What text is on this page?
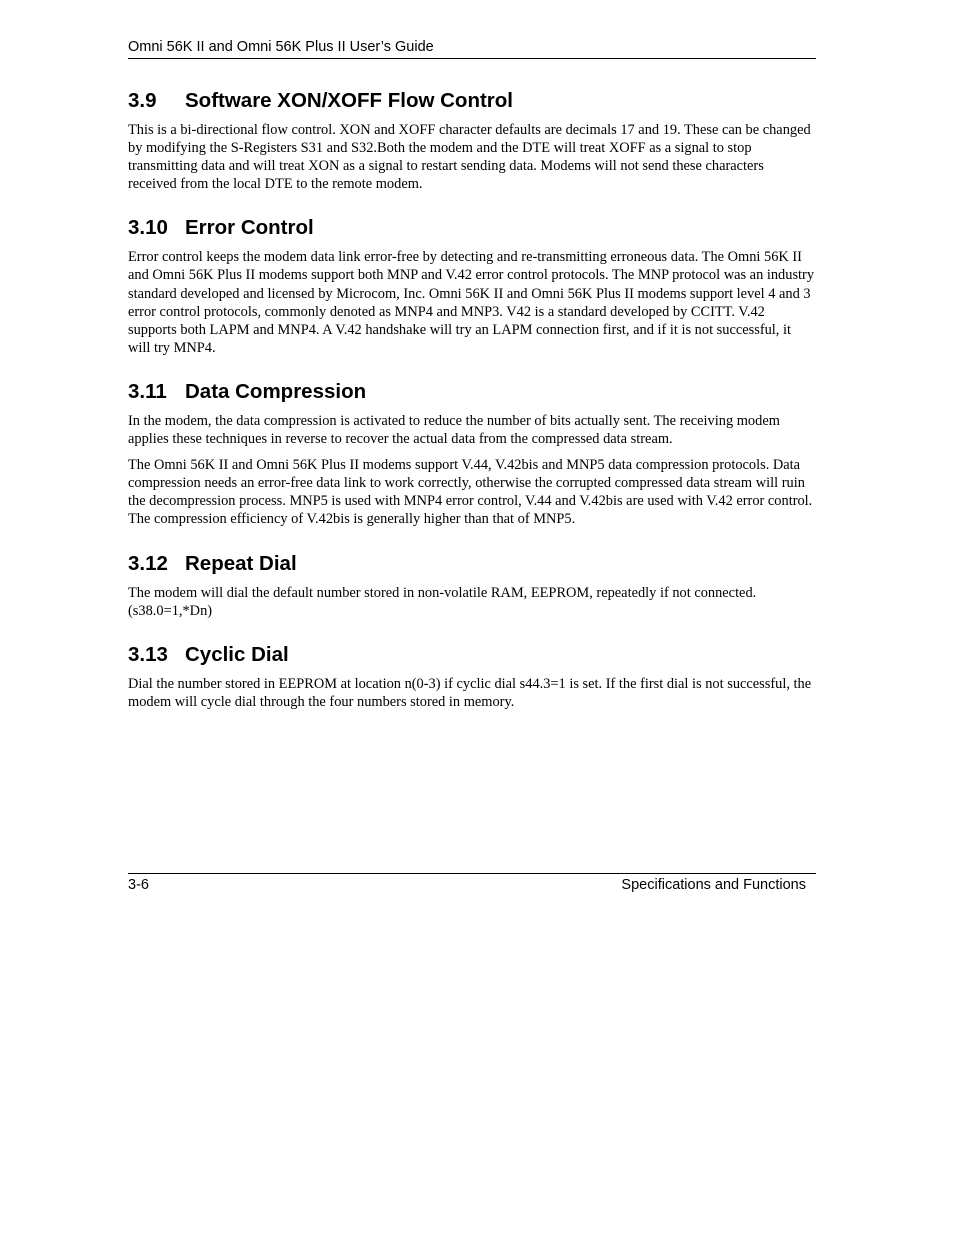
Omni 56K II and Omni 56K Plus II User’s Guide
3.9 Software XON/XOFF Flow Control

This is a bi-directional flow control. XON and XOFF character defaults are decimals 17 and 19. These can be changed by modifying the S-Registers S31 and S32.Both the modem and the DTE will treat XOFF as a signal to stop transmitting data and will treat XON as a signal to restart sending data. Modems will not send these characters received from the local DTE to the remote modem.

3.10 Error Control

Error control keeps the modem data link error-free by detecting and re-transmitting erroneous data. The Omni 56K II and Omni 56K Plus II modems support both MNP and V.42 error control protocols. The MNP protocol was an industry standard developed and licensed by Microcom, Inc. Omni 56K II and Omni 56K Plus II modems support level 4 and 3 error control protocols, commonly denoted as MNP4 and MNP3. V42 is a standard developed by CCITT. V.42 supports both LAPM and MNP4. A V.42 handshake will try an LAPM connection first, and if it is not successful, it will try MNP4.

3.11 Data Compression

In the modem, the data compression is activated to reduce the number of bits actually sent. The receiving modem applies these techniques in reverse to recover the actual data from the compressed data stream.

The Omni 56K II and Omni 56K Plus II modems support V.44, V.42bis and MNP5 data compression protocols. Data compression needs an error-free data link to work correctly, otherwise the corrupted compressed data stream will ruin the decompression process. MNP5 is used with MNP4 error control, V.44 and V.42bis are used with V.42 error control. The compression efficiency of V.42bis is generally higher than that of MNP5.

3.12 Repeat Dial

The modem will dial the default number stored in non-volatile RAM, EEPROM, repeatedly if not connected. (s38.0=1,*Dn)

3.13 Cyclic Dial

Dial the number stored in EEPROM at location n(0-3) if cyclic dial s44.3=1 is set. If the first dial is not successful, the modem will cycle dial through the four numbers stored in memory.

3-6	Specifications and Functions
